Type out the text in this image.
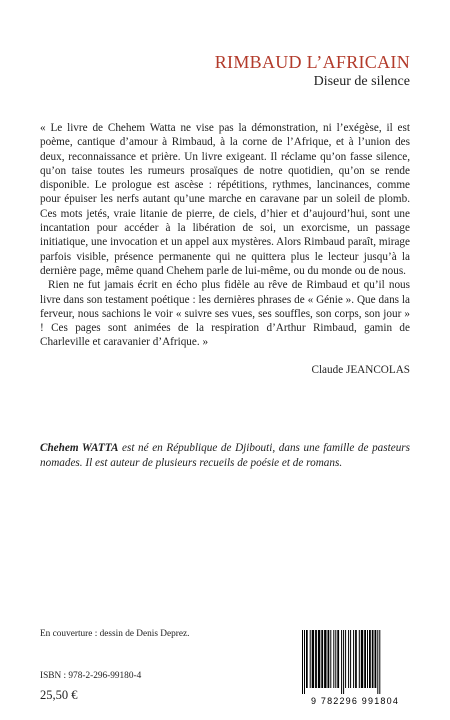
RIMBAUD L’AFRICAIN
Diseur de silence

« Le livre de Chehem Watta ne vise pas la démonstration, ni l’exégèse, il est poème, cantique d’amour à Rimbaud, à la corne de l’Afrique, et à l’union des deux, reconnaissance et prière. Un livre exigeant. Il réclame qu’on fasse silence, qu’on taise toutes les rumeurs prosaïques de notre quotidien, qu’on se rende disponible. Le prologue est ascèse : répétitions, rythmes, lancinances, comme pour épuiser les nerfs autant qu’une marche en caravane par un soleil de plomb. Ces mots jetés, vraie litanie de pierre, de ciels, d’hier et d’aujourd’hui, sont une incantation pour accéder à la libération de soi, un exorcisme, un passage initiatique, une invocation et un appel aux mystères. Alors Rimbaud paraît, mirage parfois visible, présence permanente qui ne quittera plus le lecteur jusqu’à la dernière page, même quand Chehem parle de lui-même, ou du monde ou de nous.

Rien ne fut jamais écrit en écho plus fidèle au rêve de Rimbaud et qu’il nous livre dans son testament poétique : les dernières phrases de « Génie ». Que dans la ferveur, nous sachions le voir « suivre ses vues, ses souffles, son corps, son jour » ! Ces pages sont animées de la respiration d’Arthur Rimbaud, gamin de Charleville et caravanier d’Afrique. »

Claude JEANCOLAS
Chehem WATTA est né en République de Djibouti, dans une famille de pasteurs nomades. Il est auteur de plusieurs recueils de poésie et de romans.
En couverture : dessin de Denis Deprez.
ISBN : 978-2-296-99180-4
25,50 €	9 782296 991804
